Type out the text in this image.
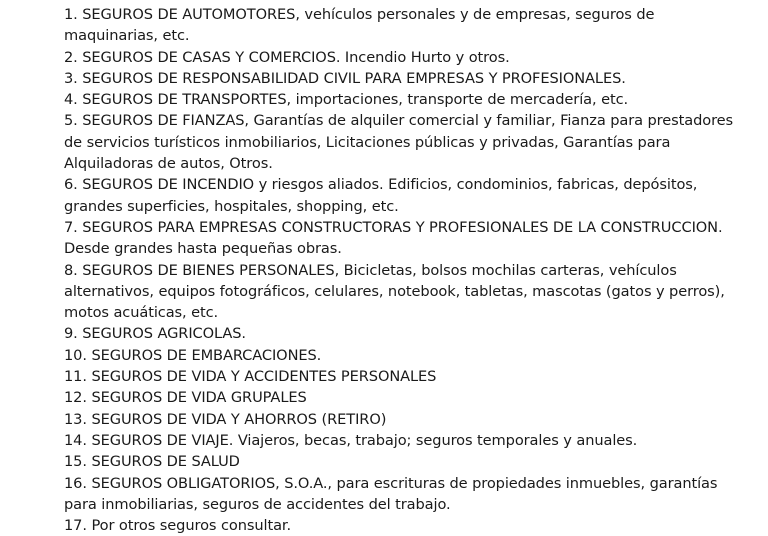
1. SEGUROS DE AUTOMOTORES, vehículos personales y de empresas, seguros de maquinarias, etc.

2. SEGUROS DE CASAS Y COMERCIOS. Incendio Hurto y otros.

3. SEGUROS DE RESPONSABILIDAD CIVIL PARA EMPRESAS Y PROFESIONALES.

4. SEGUROS DE TRANSPORTES, importaciones, transporte de mercadería, etc.

5. SEGUROS DE FIANZAS, Garantías de alquiler comercial y familiar, Fianza para prestadores de servicios turísticos inmobiliarios, Licitaciones públicas y privadas, Garantías para Alquiladoras de autos, Otros.

6. SEGUROS DE INCENDIO y riesgos aliados. Edificios, condominios, fabricas, depósitos, grandes superficies, hospitales, shopping, etc.

7. SEGUROS PARA EMPRESAS CONSTRUCTORAS Y PROFESIONALES DE LA CONSTRUCCION. Desde grandes hasta pequeñas obras.

8. SEGUROS DE BIENES PERSONALES, Bicicletas, bolsos mochilas carteras, vehículos alternativos, equipos fotográficos, celulares, notebook, tabletas, mascotas (gatos y perros), motos acuáticas, etc.

9. SEGUROS AGRICOLAS.

10. SEGUROS DE EMBARCACIONES.

11. SEGUROS DE VIDA Y ACCIDENTES PERSONALES

12. SEGUROS DE VIDA GRUPALES

13. SEGUROS DE VIDA Y AHORROS (RETIRO)

14. SEGUROS DE VIAJE. Viajeros, becas, trabajo; seguros temporales y anuales.

15. SEGUROS DE SALUD

16. SEGUROS OBLIGATORIOS, S.O.A., para escrituras de propiedades inmuebles, garantías para inmobiliarias, seguros de accidentes del trabajo.

17. Por otros seguros consultar.
